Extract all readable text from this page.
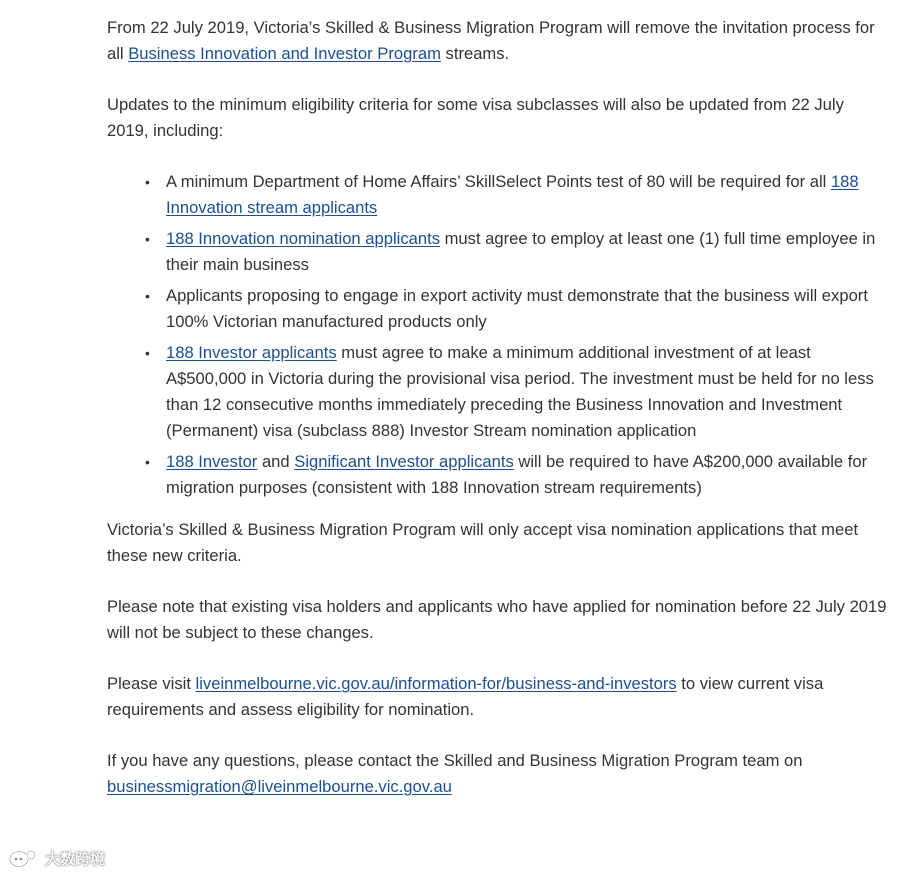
From 22 July 2019, Victoria’s Skilled & Business Migration Program will remove the invitation process for all Business Innovation and Investor Program streams.

Updates to the minimum eligibility criteria for some visa subclasses will also be updated from 22 July 2019, including:

• A minimum Department of Home Affairs’ SkillSelect Points test of 80 will be required for all 188 Innovation stream applicants
• 188 Innovation nomination applicants must agree to employ at least one (1) full time employee in their main business
• Applicants proposing to engage in export activity must demonstrate that the business will export 100% Victorian manufactured products only
• 188 Investor applicants must agree to make a minimum additional investment of at least A$500,000 in Victoria during the provisional visa period. The investment must be held for no less than 12 consecutive months immediately preceding the Business Innovation and Investment (Permanent) visa (subclass 888) Investor Stream nomination application
• 188 Investor and Significant Investor applicants will be required to have A$200,000 available for migration purposes (consistent with 188 Innovation stream requirements)

Victoria’s Skilled & Business Migration Program will only accept visa nomination applications that meet these new criteria.

Please note that existing visa holders and applicants who have applied for nomination before 22 July 2019 will not be subject to these changes.

Please visit liveinmelbourne.vic.gov.au/information-for/business-and-investors to view current visa requirements and assess eligibility for nomination.

If you have any questions, please contact the Skilled and Business Migration Program team on businessmigration@liveinmelbourne.vic.gov.au

大数跨境
